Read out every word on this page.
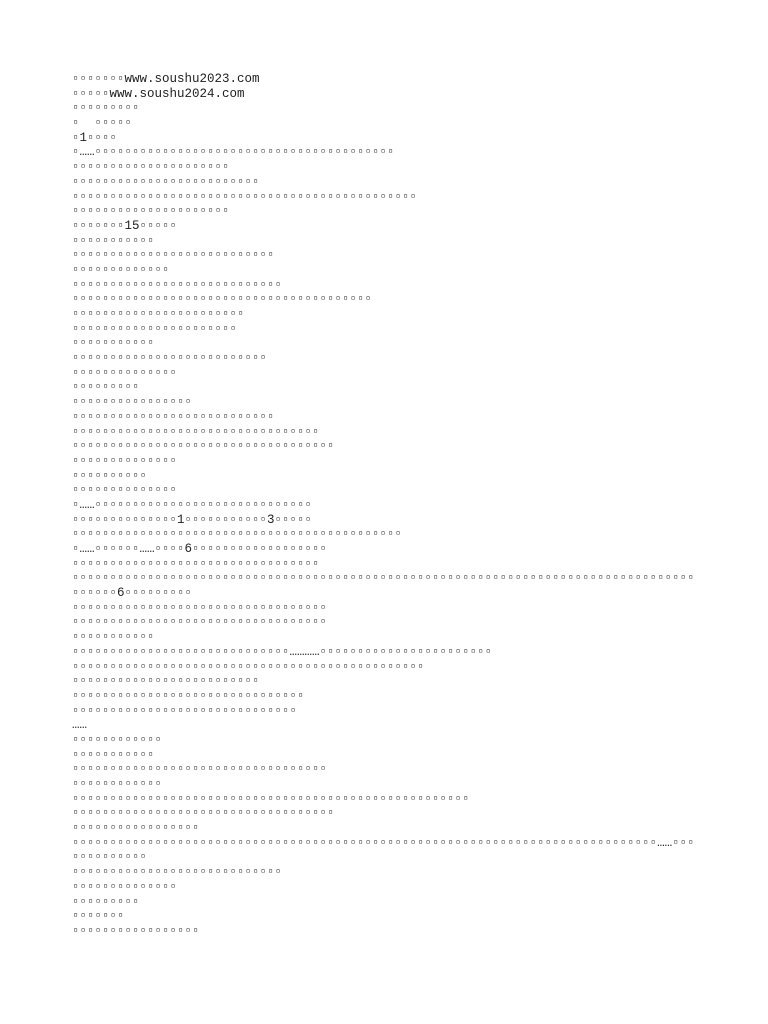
▫▫▫▫▫▫▫www.soushu2023.com
▫▫▫▫▫www.soushu2024.com
▫▫▫▫▫▫▫▫▫
▫  ▫▫▫▫▫
▫1▫▫▫▫
▫……▫▫▫▫▫▫▫▫▫▫▫▫▫▫▫▫▫▫▫▫▫▫▫▫▫▫▫▫▫▫▫▫▫▫▫▫▫▫▫▫
▫▫▫▫▫▫▫▫▫▫▫▫▫▫▫▫▫▫▫▫▫
▫▫▫▫▫▫▫▫▫▫▫▫▫▫▫▫▫▫▫▫▫▫▫▫▫
▫▫▫▫▫▫▫▫▫▫▫▫▫▫▫▫▫▫▫▫▫▫▫▫▫▫▫▫▫▫▫▫▫▫▫▫▫▫▫▫▫▫▫▫▫▫
▫▫▫▫▫▫▫▫▫▫▫▫▫▫▫▫▫▫▫▫▫
▫▫▫▫▫▫▫15▫▫▫▫▫
▫▫▫▫▫▫▫▫▫▫▫
▫▫▫▫▫▫▫▫▫▫▫▫▫▫▫▫▫▫▫▫▫▫▫▫▫▫▫
▫▫▫▫▫▫▫▫▫▫▫▫▫
▫▫▫▫▫▫▫▫▫▫▫▫▫▫▫▫▫▫▫▫▫▫▫▫▫▫▫▫
▫▫▫▫▫▫▫▫▫▫▫▫▫▫▫▫▫▫▫▫▫▫▫▫▫▫▫▫▫▫▫▫▫▫▫▫▫▫▫▫
▫▫▫▫▫▫▫▫▫▫▫▫▫▫▫▫▫▫▫▫▫▫▫
▫▫▫▫▫▫▫▫▫▫▫▫▫▫▫▫▫▫▫▫▫▫
▫▫▫▫▫▫▫▫▫▫▫
▫▫▫▫▫▫▫▫▫▫▫▫▫▫▫▫▫▫▫▫▫▫▫▫▫▫
▫▫▫▫▫▫▫▫▫▫▫▫▫▫
▫▫▫▫▫▫▫▫▫
▫▫▫▫▫▫▫▫▫▫▫▫▫▫▫▫
▫▫▫▫▫▫▫▫▫▫▫▫▫▫▫▫▫▫▫▫▫▫▫▫▫▫▫
▫▫▫▫▫▫▫▫▫▫▫▫▫▫▫▫▫▫▫▫▫▫▫▫▫▫▫▫▫▫▫▫▫
▫▫▫▫▫▫▫▫▫▫▫▫▫▫▫▫▫▫▫▫▫▫▫▫▫▫▫▫▫▫▫▫▫▫▫
▫▫▫▫▫▫▫▫▫▫▫▫▫▫
▫▫▫▫▫▫▫▫▫▫
▫▫▫▫▫▫▫▫▫▫▫▫▫▫
▫……▫▫▫▫▫▫▫▫▫▫▫▫▫▫▫▫▫▫▫▫▫▫▫▫▫▫▫▫▫
▫▫▫▫▫▫▫▫▫▫▫▫▫▫1▫▫▫▫▫▫▫▫▫▫▫3▫▫▫▫▫
▫▫▫▫▫▫▫▫▫▫▫▫▫▫▫▫▫▫▫▫▫▫▫▫▫▫▫▫▫▫▫▫▫▫▫▫▫▫▫▫▫▫▫▫
▫……▫▫▫▫▫▫……▫▫▫▫6▫▫▫▫▫▫▫▫▫▫▫▫▫▫▫▫▫▫
▫▫▫▫▫▫▫▫▫▫▫▫▫▫▫▫▫▫▫▫▫▫▫▫▫▫▫▫▫▫▫▫▫
▫▫▫▫▫▫▫▫▫▫▫▫▫▫▫▫▫▫▫▫▫▫▫▫▫▫▫▫▫▫▫▫▫▫▫▫▫▫▫▫▫▫▫▫▫▫▫▫▫▫▫▫▫▫▫▫▫▫▫▫▫▫▫▫▫▫▫▫▫▫▫▫▫▫▫▫▫▫▫▫▫▫▫
▫▫▫▫▫▫6▫▫▫▫▫▫▫▫▫
▫▫▫▫▫▫▫▫▫▫▫▫▫▫▫▫▫▫▫▫▫▫▫▫▫▫▫▫▫▫▫▫▫▫
▫▫▫▫▫▫▫▫▫▫▫▫▫▫▫▫▫▫▫▫▫▫▫▫▫▫▫▫▫▫▫▫▫▫
▫▫▫▫▫▫▫▫▫▫▫
▫▫▫▫▫▫▫▫▫▫▫▫▫▫▫▫▫▫▫▫▫▫▫▫▫▫▫▫▫…………▫▫▫▫▫▫▫▫▫▫▫▫▫▫▫▫▫▫▫▫▫▫▫
▫▫▫▫▫▫▫▫▫▫▫▫▫▫▫▫▫▫▫▫▫▫▫▫▫▫▫▫▫▫▫▫▫▫▫▫▫▫▫▫▫▫▫▫▫▫▫
▫▫▫▫▫▫▫▫▫▫▫▫▫▫▫▫▫▫▫▫▫▫▫▫▫
▫▫▫▫▫▫▫▫▫▫▫▫▫▫▫▫▫▫▫▫▫▫▫▫▫▫▫▫▫▫▫
▫▫▫▫▫▫▫▫▫▫▫▫▫▫▫▫▫▫▫▫▫▫▫▫▫▫▫▫▫▫
……
▫▫▫▫▫▫▫▫▫▫▫▫
▫▫▫▫▫▫▫▫▫▫▫
▫▫▫▫▫▫▫▫▫▫▫▫▫▫▫▫▫▫▫▫▫▫▫▫▫▫▫▫▫▫▫▫▫▫
▫▫▫▫▫▫▫▫▫▫▫▫
▫▫▫▫▫▫▫▫▫▫▫▫▫▫▫▫▫▫▫▫▫▫▫▫▫▫▫▫▫▫▫▫▫▫▫▫▫▫▫▫▫▫▫▫▫▫▫▫▫▫▫▫▫
▫▫▫▫▫▫▫▫▫▫▫▫▫▫▫▫▫▫▫▫▫▫▫▫▫▫▫▫▫▫▫▫▫▫▫
▫▫▫▫▫▫▫▫▫▫▫▫▫▫▫▫▫
▫▫▫▫▫▫▫▫▫▫▫▫▫▫▫▫▫▫▫▫▫▫▫▫▫▫▫▫▫▫▫▫▫▫▫▫▫▫▫▫▫▫▫▫▫▫▫▫▫▫▫▫▫▫▫▫▫▫▫▫▫▫▫▫▫▫▫▫▫▫▫▫▫▫▫▫▫▫……▫▫▫
▫▫▫▫▫▫▫▫▫▫
▫▫▫▫▫▫▫▫▫▫▫▫▫▫▫▫▫▫▫▫▫▫▫▫▫▫▫▫
▫▫▫▫▫▫▫▫▫▫▫▫▫▫
▫▫▫▫▫▫▫▫▫
▫▫▫▫▫▫▫
▫▫▫▫▫▫▫▫▫▫▫▫▫▫▫▫▫
